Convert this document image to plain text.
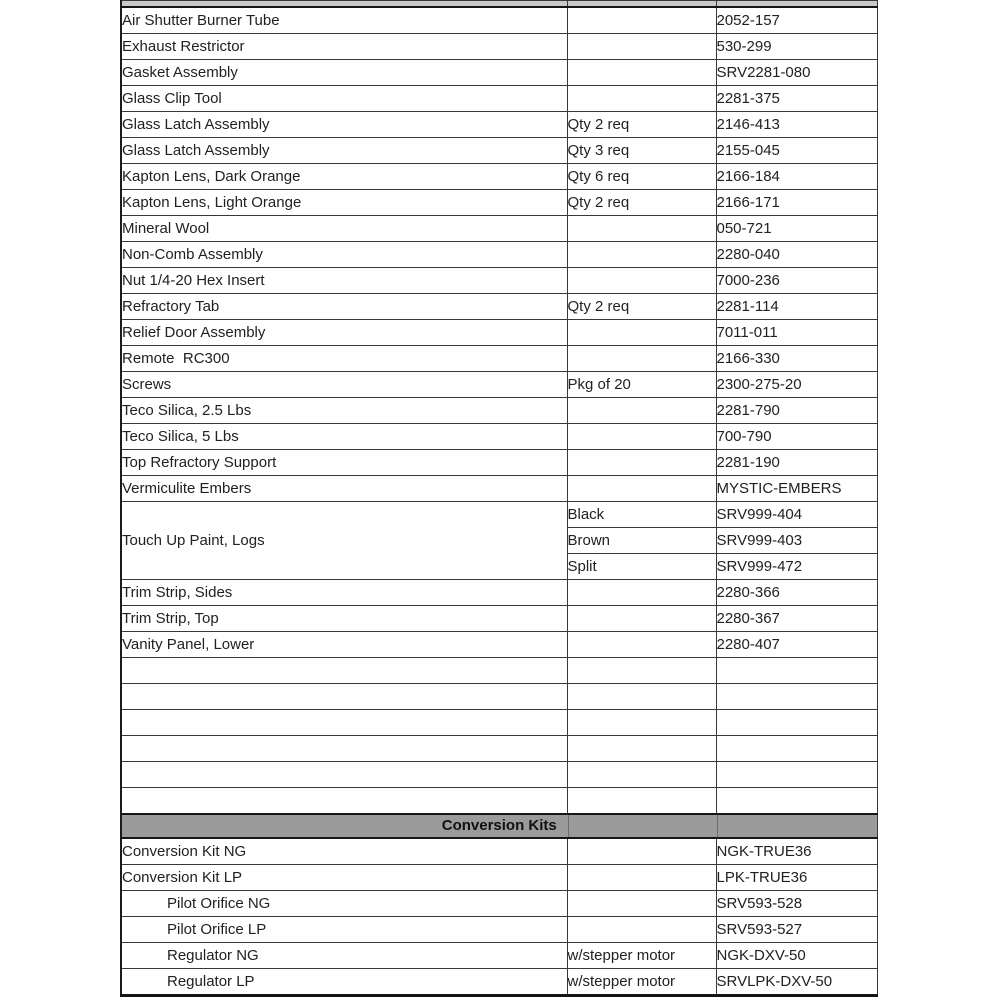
Air Shutter Burner Tube		2052-157
Exhaust Restrictor		530-299
Gasket Assembly		SRV2281-080
Glass Clip Tool		2281-375
Glass Latch Assembly	Qty 2 req	2146-413
Glass Latch Assembly	Qty 3 req	2155-045
Kapton Lens, Dark Orange	Qty 6 req	2166-184
Kapton Lens, Light Orange	Qty 2 req	2166-171
Mineral Wool		050-721
Non-Comb Assembly		2280-040
Nut 1/4-20 Hex Insert		7000-236
Refractory Tab	Qty 2 req	2281-114
Relief Door Assembly		7011-011
Remote  RC300		2166-330
Screws	Pkg of 20	2300-275-20
Teco Silica, 2.5 Lbs		2281-790
Teco Silica, 5 Lbs		700-790
Top Refractory Support		2281-190
Vermiculite Embers		MYSTIC-EMBERS
Touch Up Paint, Logs	Black	SRV999-404
	Brown	SRV999-403
	Split	SRV999-472
Trim Strip, Sides		2280-366
Trim Strip, Top		2280-367
Vanity Panel, Lower		2280-407

Conversion Kits		

Conversion Kit NG		NGK-TRUE36
Conversion Kit LP		LPK-TRUE36
Pilot Orifice NG		SRV593-528
Pilot Orifice LP		SRV593-527
Regulator NG	w/stepper motor	NGK-DXV-50
Regulator LP	w/stepper motor	SRVLPK-DXV-50
